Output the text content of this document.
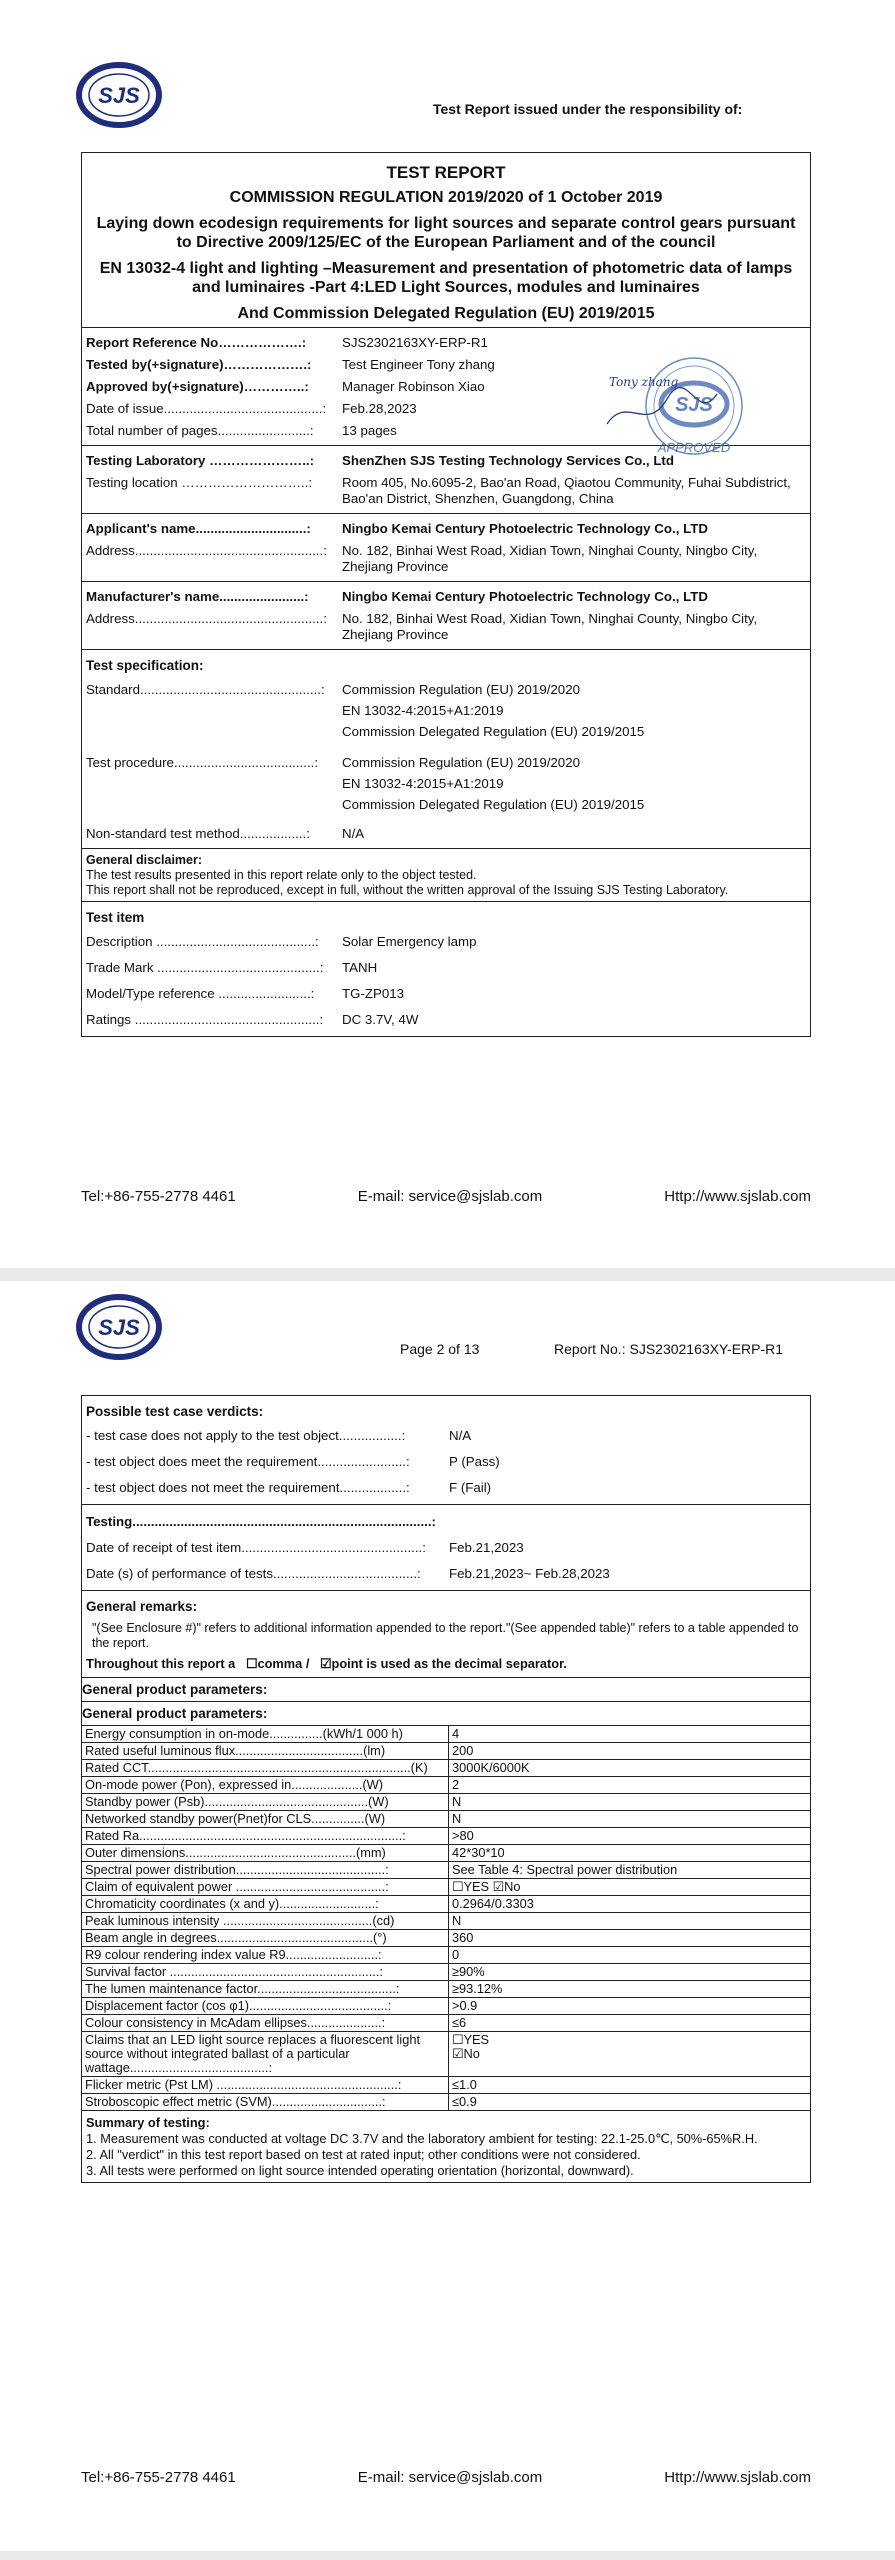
SJS
Test Report issued under the responsibility of:
TEST REPORT
COMMISSION REGULATION 2019/2020 of 1 October 2019
Laying down ecodesign requirements for light sources and separate control gears pursuant to Directive 2009/125/EC of the European Parliament and of the council
EN 13032-4 light and lighting –Measurement and presentation of photometric data of lamps and luminaires -Part 4:LED Light Sources, modules and luminaires
And Commission Delegated Regulation (EU) 2019/2015
Report Reference No……………….:	SJS2302163XY-ERP-R1
Tested by(+signature)……………….:	Test Engineer Tony zhang
Approved by(+signature)…………..:	Manager Robinson Xiao
Date of issue...........................................:	Feb.28,2023
Total number of pages.........................:	13 pages
Testing Laboratory …………………..:	ShenZhen SJS Testing Technology Services Co., Ltd
Testing location ………………………..:	Room 405, No.6095-2, Bao'an Road, Qiaotou Community, Fuhai Subdistrict, Bao'an District, Shenzhen, Guangdong, China
Applicant's name..............................:	Ningbo Kemai Century Photoelectric Technology Co., LTD
Address...................................................:	No. 182, Binhai West Road, Xidian Town, Ninghai County, Ningbo City, Zhejiang Province
Manufacturer's name.......................:	Ningbo Kemai Century Photoelectric Technology Co., LTD
Address...................................................:	No. 182, Binhai West Road, Xidian Town, Ninghai County, Ningbo City, Zhejiang Province
Test specification:
Standard.................................................:	Commission Regulation (EU) 2019/2020
EN 13032-4:2015+A1:2019
Commission Delegated Regulation (EU) 2019/2015
Test procedure......................................:	Commission Regulation (EU) 2019/2020
EN 13032-4:2015+A1:2019
Commission Delegated Regulation (EU) 2019/2015
Non-standard test method..................:	N/A
General disclaimer:
The test results presented in this report relate only to the object tested.
This report shall not be reproduced, except in full, without the written approval of the Issuing SJS Testing Laboratory.
Test item
Description ...........................................:	Solar Emergency lamp
Trade Mark ............................................:	TANH
Model/Type reference .........................:	TG-ZP013
Ratings ..................................................:	DC 3.7V, 4W
SJS
APPROVED
Tony zhang
Tel:+86-755-2778 4461	E-mail: service@sjslab.com	Http://www.sjslab.com
SJS
Page 2 of 13	Report No.: SJS2302163XY-ERP-R1
Possible test case verdicts:
- test case does not apply to the test object.................:	N/A
- test object does meet the requirement........................:	P (Pass)
- test object does not meet the requirement..................:	F (Fail)
Testing.................................................................................:
Date of receipt of test item.................................................:	Feb.21,2023
Date (s) of performance of tests.......................................:	Feb.21,2023~ Feb.28,2023
General remarks:
"(See Enclosure #)" refers to additional information appended to the report."(See appended table)" refers to a table appended to the report.
Throughout this report a ☐comma / ☑point is used as the decimal separator.
General product parameters:
General product parameters:
Energy consumption in on-mode...............(kWh/1 000 h)	4
Rated useful luminous flux....................................(lm)	200
Rated CCT..........................................................................(K)	3000K/6000K
On-mode power (Pon), expressed in....................(W)	2
Standby power (Psb)..............................................(W)	N
Networked standby power(Pnet)for CLS...............(W)	N
Rated Ra..........................................................................:	>80
Outer dimensions................................................(mm)	42*30*10
Spectral power distribution..........................................:	See Table 4: Spectral power distribution
Claim of equivalent power ..........................................:	☐YES ☑No
Chromaticity coordinates (x and y)...........................:	0.2964/0.3303
Peak luminous intensity ..........................................(cd)	N
Beam angle in degrees............................................(°)	360
R9 colour rendering index value R9..........................:	0
Survival factor ...........................................................:	≥90%
The lumen maintenance factor.......................................:	≥93.12%
Displacement factor (cos φ1).......................................:	>0.9
Colour consistency in McAdam ellipses.....................:	≤6
Claims that an LED light source replaces a fluorescent light source without integrated ballast of a particular wattage.......................................:	☐YES
☑No
Flicker metric (Pst LM) ...................................................:	≤1.0
Stroboscopic effect metric (SVM)...............................:	≤0.9
Summary of testing:
1. Measurement was conducted at voltage DC 3.7V and the laboratory ambient for testing: 22.1-25.0℃, 50%-65%R.H.
2. All "verdict" in this test report based on test at rated input; other conditions were not considered.
3. All tests were performed on light source intended operating orientation (horizontal, downward).
Tel:+86-755-2778 4461	E-mail: service@sjslab.com	Http://www.sjslab.com
